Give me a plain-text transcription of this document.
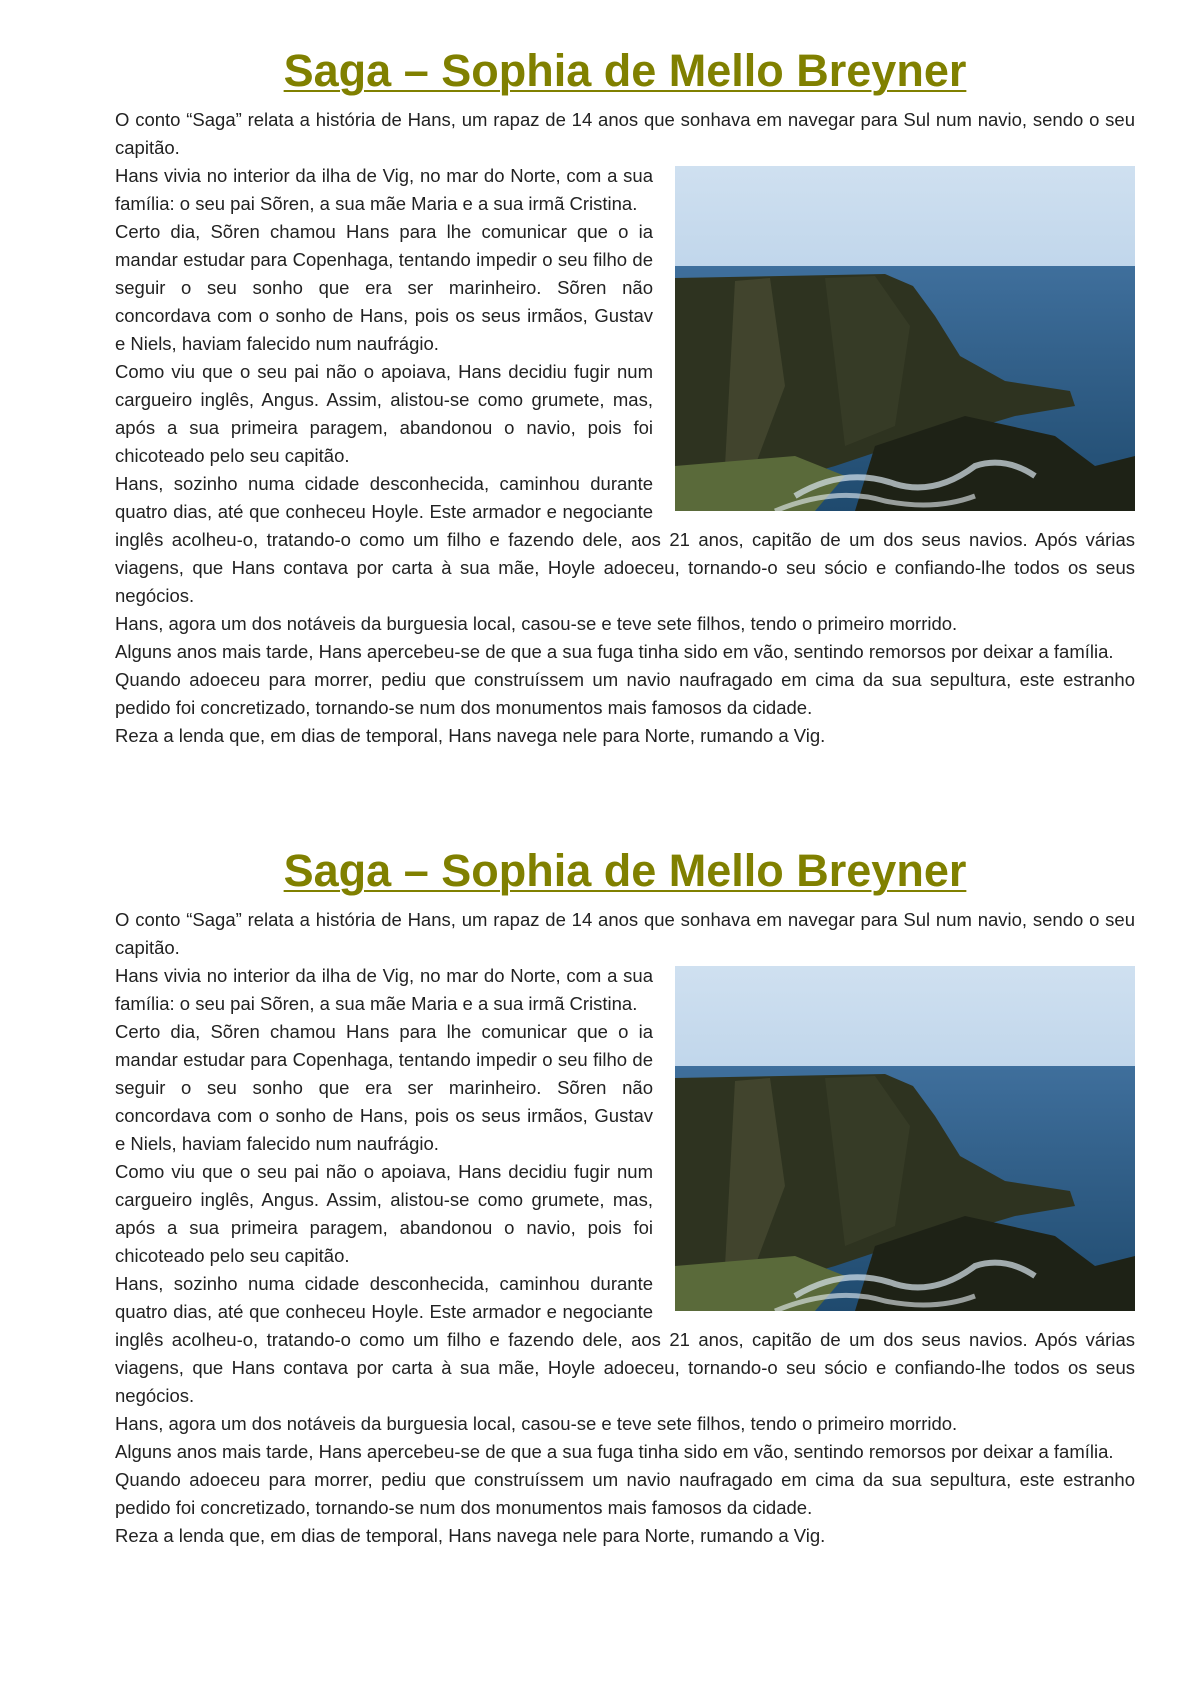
Saga – Sophia de Mello Breyner

O conto “Saga” relata a história de Hans, um rapaz de 14 anos que sonhava em navegar para Sul num navio, sendo o seu capitão.

Hans vivia no interior da ilha de Vig, no mar do Norte, com a sua família: o seu pai Sõren, a sua mãe Maria e a sua irmã Cristina.

Certo dia, Sõren chamou Hans para lhe comunicar que o ia mandar estudar para Copenhaga, tentando impedir o seu filho de seguir o seu sonho que era ser marinheiro. Sõren não concordava com o sonho de Hans, pois os seus irmãos, Gustav e Niels, haviam falecido num naufrágio.

Como viu que o seu pai não o apoiava, Hans decidiu fugir num cargueiro inglês, Angus. Assim, alistou-se como grumete, mas, após a sua primeira paragem, abandonou o navio, pois foi chicoteado pelo seu capitão.

Hans, sozinho numa cidade desconhecida, caminhou durante quatro dias, até que conheceu Hoyle. Este armador e negociante inglês acolheu-o, tratando-o como um filho e fazendo dele, aos 21 anos, capitão de um dos seus navios. Após várias viagens, que Hans contava por carta à sua mãe, Hoyle adoeceu, tornando-o seu sócio e confiando-lhe todos os seus negócios.

Hans, agora um dos notáveis da burguesia local, casou-se e teve sete filhos, tendo o primeiro morrido.

Alguns anos mais tarde, Hans apercebeu-se de que a sua fuga tinha sido em vão, sentindo remorsos por deixar a família.

Quando adoeceu para morrer, pediu que construíssem um navio naufragado em cima da sua sepultura, este estranho pedido foi concretizado, tornando-se num dos monumentos mais famosos da cidade.

Reza a lenda que, em dias de temporal, Hans navega nele para Norte, rumando a Vig.

Saga – Sophia de Mello Breyner

O conto “Saga” relata a história de Hans, um rapaz de 14 anos que sonhava em navegar para Sul num navio, sendo o seu capitão.

Hans vivia no interior da ilha de Vig, no mar do Norte, com a sua família: o seu pai Sõren, a sua mãe Maria e a sua irmã Cristina.

Certo dia, Sõren chamou Hans para lhe comunicar que o ia mandar estudar para Copenhaga, tentando impedir o seu filho de seguir o seu sonho que era ser marinheiro. Sõren não concordava com o sonho de Hans, pois os seus irmãos, Gustav e Niels, haviam falecido num naufrágio.

Como viu que o seu pai não o apoiava, Hans decidiu fugir num cargueiro inglês, Angus. Assim, alistou-se como grumete, mas, após a sua primeira paragem, abandonou o navio, pois foi chicoteado pelo seu capitão.

Hans, sozinho numa cidade desconhecida, caminhou durante quatro dias, até que conheceu Hoyle. Este armador e negociante inglês acolheu-o, tratando-o como um filho e fazendo dele, aos 21 anos, capitão de um dos seus navios. Após várias viagens, que Hans contava por carta à sua mãe, Hoyle adoeceu, tornando-o seu sócio e confiando-lhe todos os seus negócios.

Hans, agora um dos notáveis da burguesia local, casou-se e teve sete filhos, tendo o primeiro morrido.

Alguns anos mais tarde, Hans apercebeu-se de que a sua fuga tinha sido em vão, sentindo remorsos por deixar a família.

Quando adoeceu para morrer, pediu que construíssem um navio naufragado em cima da sua sepultura, este estranho pedido foi concretizado, tornando-se num dos monumentos mais famosos da cidade.

Reza a lenda que, em dias de temporal, Hans navega nele para Norte, rumando a Vig.
